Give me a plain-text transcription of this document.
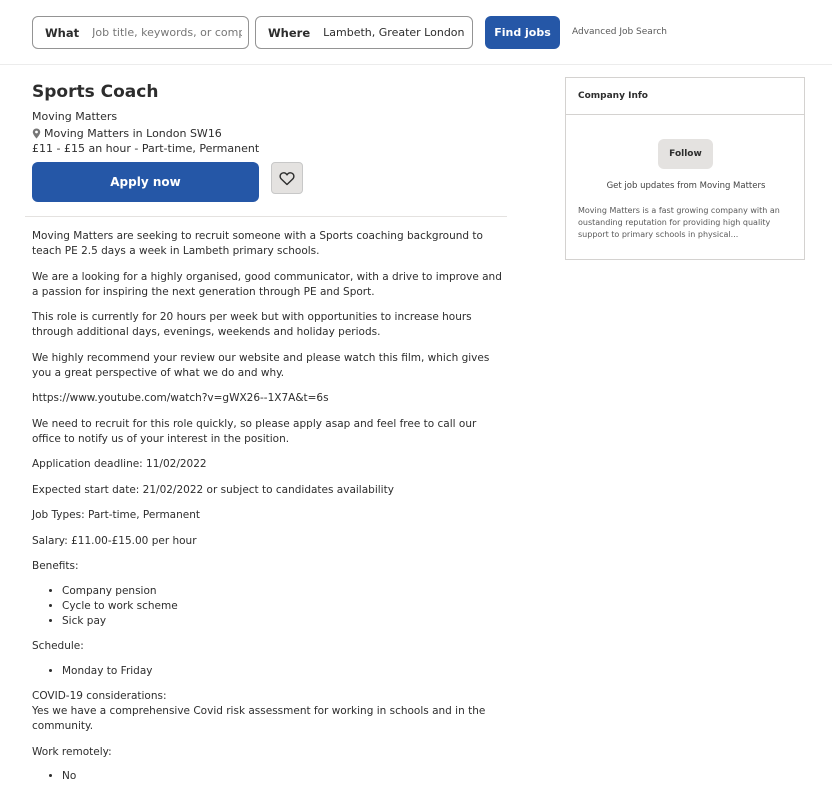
What
Job title, keywords, or company	Where
Lambeth, Greater London	Find jobs	Advanced Job Search
Sports Coach
Moving Matters
Moving Matters in London SW16
£11 - £15 an hour - Part-time, Permanent
Apply now

Moving Matters are seeking to recruit someone with a Sports coaching background to teach PE 2.5 days a week in Lambeth primary schools.

We are a looking for a highly organised, good communicator, with a drive to improve and a passion for inspiring the next generation through PE and Sport.

This role is currently for 20 hours per week but with opportunities to increase hours through additional days, evenings, weekends and holiday periods.

We highly recommend your review our website and please watch this film, which gives you a great perspective of what we do and why.

https://www.youtube.com/watch?v=gWX26--1X7A&t=6s

We need to recruit for this role quickly, so please apply asap and feel free to call our office to notify us of your interest in the position.

Application deadline: 11/02/2022

Expected start date: 21/02/2022 or subject to candidates availability

Job Types: Part-time, Permanent

Salary: £11.00-£15.00 per hour

Benefits:

• Company pension
• Cycle to work scheme
• Sick pay

Schedule:

• Monday to Friday

COVID-19 considerations:
Yes we have a comprehensive Covid risk assessment for working in schools and in the community.

Work remotely:

• No
Company Info
Follow
Get job updates from Moving Matters
Moving Matters is a fast growing company with an oustanding reputation for providing high quality support to primary schools in physical...
